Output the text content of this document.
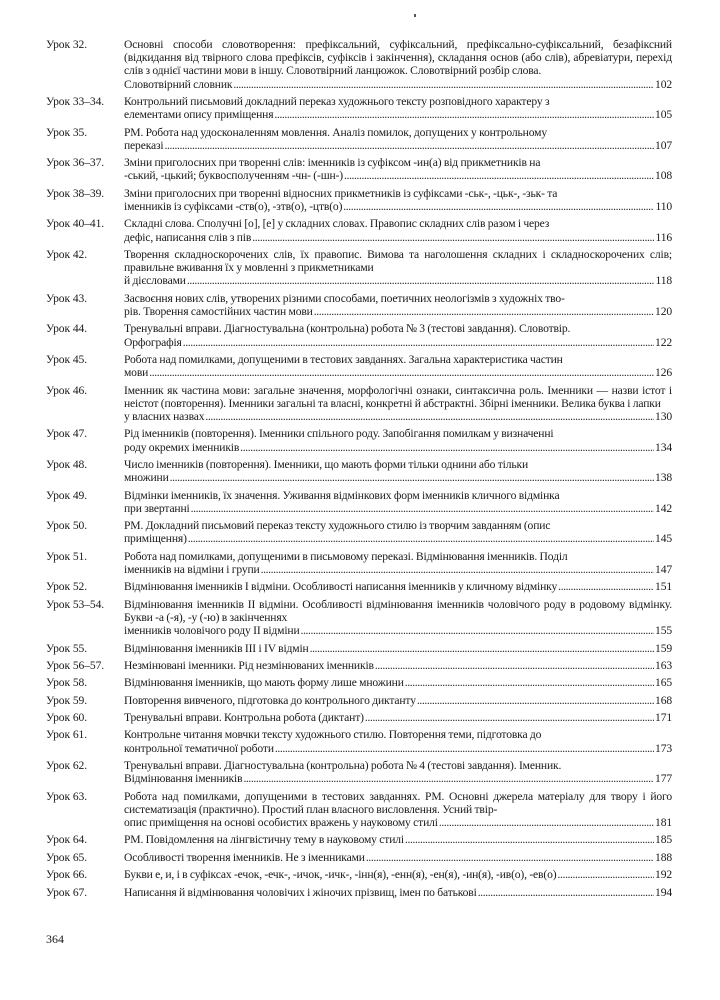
Урок 32.	Основні способи словотворення: префіксальний, суфіксальний, префіксально-суфіксальний, безафіксний (відкидання від твірного слова префіксів, суфіксів і закінчення), складання основ (або слів), абревіатури, перехід слів з однієї частини мови в іншу. Словотвірний ланцюжок. Словотвірний розбір слова.
Словотвірний словник .....	102
Урок 33–34.	Контрольний письмовий докладний переказ художнього тексту розповідного характеру з
елементами опису приміщення .....	105
Урок 35.	РМ. Робота над удосконаленням мовлення. Аналіз помилок, допущених у контрольному
переказі .....	107
Урок 36–37.	Зміни приголосних при творенні слів: іменників із суфіксом -ин(а) від прикметників на
-ський, -цький; буквосполученням -чн- (-шн-) .....	108
Урок 38–39.	Зміни приголосних при творенні відносних прикметників із суфіксами -ськ-, -цьк-, -зьк- та
іменників із суфіксами -ств(о), -зтв(о), -цтв(о) .....	110
Урок 40–41.	Складні слова. Сполучні [о], [е] у складних словах. Правопис складних слів разом і через
дефіс, написання слів з пів .....	116
Урок 42.	Творення складноскорочених слів, їх правопис. Вимова та наголошення складних і складноскорочених слів; правильне вживання їх у мовленні з прикметниками
й дієсловами .....	118
Урок 43.	Засвоєння нових слів, утворених різними способами, поетичних неологізмів з художніх тво-
рів. Творення самостійних частин мови .....	120
Урок 44.	Тренувальні вправи. Діагностувальна (контрольна) робота № 3 (тестові завдання). Словотвір.
Орфографія .....	122
Урок 45.	Робота над помилками, допущеними в тестових завданнях. Загальна характеристика частин
мови .....	126
Урок 46.	Іменник як частина мови: загальне значення, морфологічні ознаки, синтаксична роль. Іменники — назви істот і неістот (повторення). Іменники загальні та власні, конкретні й абстрактні. Збірні іменники. Велика буква і лапки
у власних назвах .....	130
Урок 47.	Рід іменників (повторення). Іменники спільного роду. Запобігання помилкам у визначенні
роду окремих іменників .....	134
Урок 48.	Число іменників (повторення). Іменники, що мають форми тільки однини або тільки
множини .....	138
Урок 49.	Відмінки іменників, їх значення. Уживання відмінкових форм іменників кличного відмінка
при звертанні .....	142
Урок 50.	РМ. Докладний письмовий переказ тексту художнього стилю із творчим завданням (опис
приміщення) .....	145
Урок 51.	Робота над помилками, допущеними в письмовому переказі. Відмінювання іменників. Поділ
іменників на відміни і групи .....	147
Урок 52.	Відмінювання іменників I відміни. Особливості написання іменників у кличному відмінку .....	151
Урок 53–54.	Відмінювання іменників II відміни. Особливості відмінювання іменників чоловічого роду в родовому відмінку. Букви -а (-я), -у (-ю) в закінченнях
іменників чоловічого роду II відміни .....	155
Урок 55.	Відмінювання іменників III і IV відмін .....	159
Урок 56–57.	Незмінювані іменники. Рід незмінюваних іменників .....	163
Урок 58.	Відмінювання іменників, що мають форму лише множини .....	165
Урок 59.	Повторення вивченого, підготовка до контрольного диктанту .....	168
Урок 60.	Тренувальні вправи. Контрольна робота (диктант) .....	171
Урок 61.	Контрольне читання мовчки тексту художнього стилю. Повторення теми, підготовка до
контрольної тематичної роботи .....	173
Урок 62.	Тренувальні вправи. Діагностувальна (контрольна) робота № 4 (тестові завдання). Іменник.
Відмінювання іменників .....	177
Урок 63.	Робота над помилками, допущеними в тестових завданнях. РМ. Основні джерела матеріалу для твору і його систематизація (практично). Простий план власного висловлення. Усний твір-
опис приміщення на основі особистих вражень у науковому стилі .....	181
Урок 64.	РМ. Повідомлення на лінгвістичну тему в науковому стилі .....	185
Урок 65.	Особливості творення іменників. Не з іменниками .....	188
Урок 66.	Букви е, и, і в суфіксах -ечок, -ечк-, -ичок, -ичк-, -інн(я), -енн(я), -ен(я), -ин(я), -ив(о), -ев(о) .....	192
Урок 67.	Написання й відмінювання чоловічих і жіночих прізвищ, імен по батькові .....	194
364
